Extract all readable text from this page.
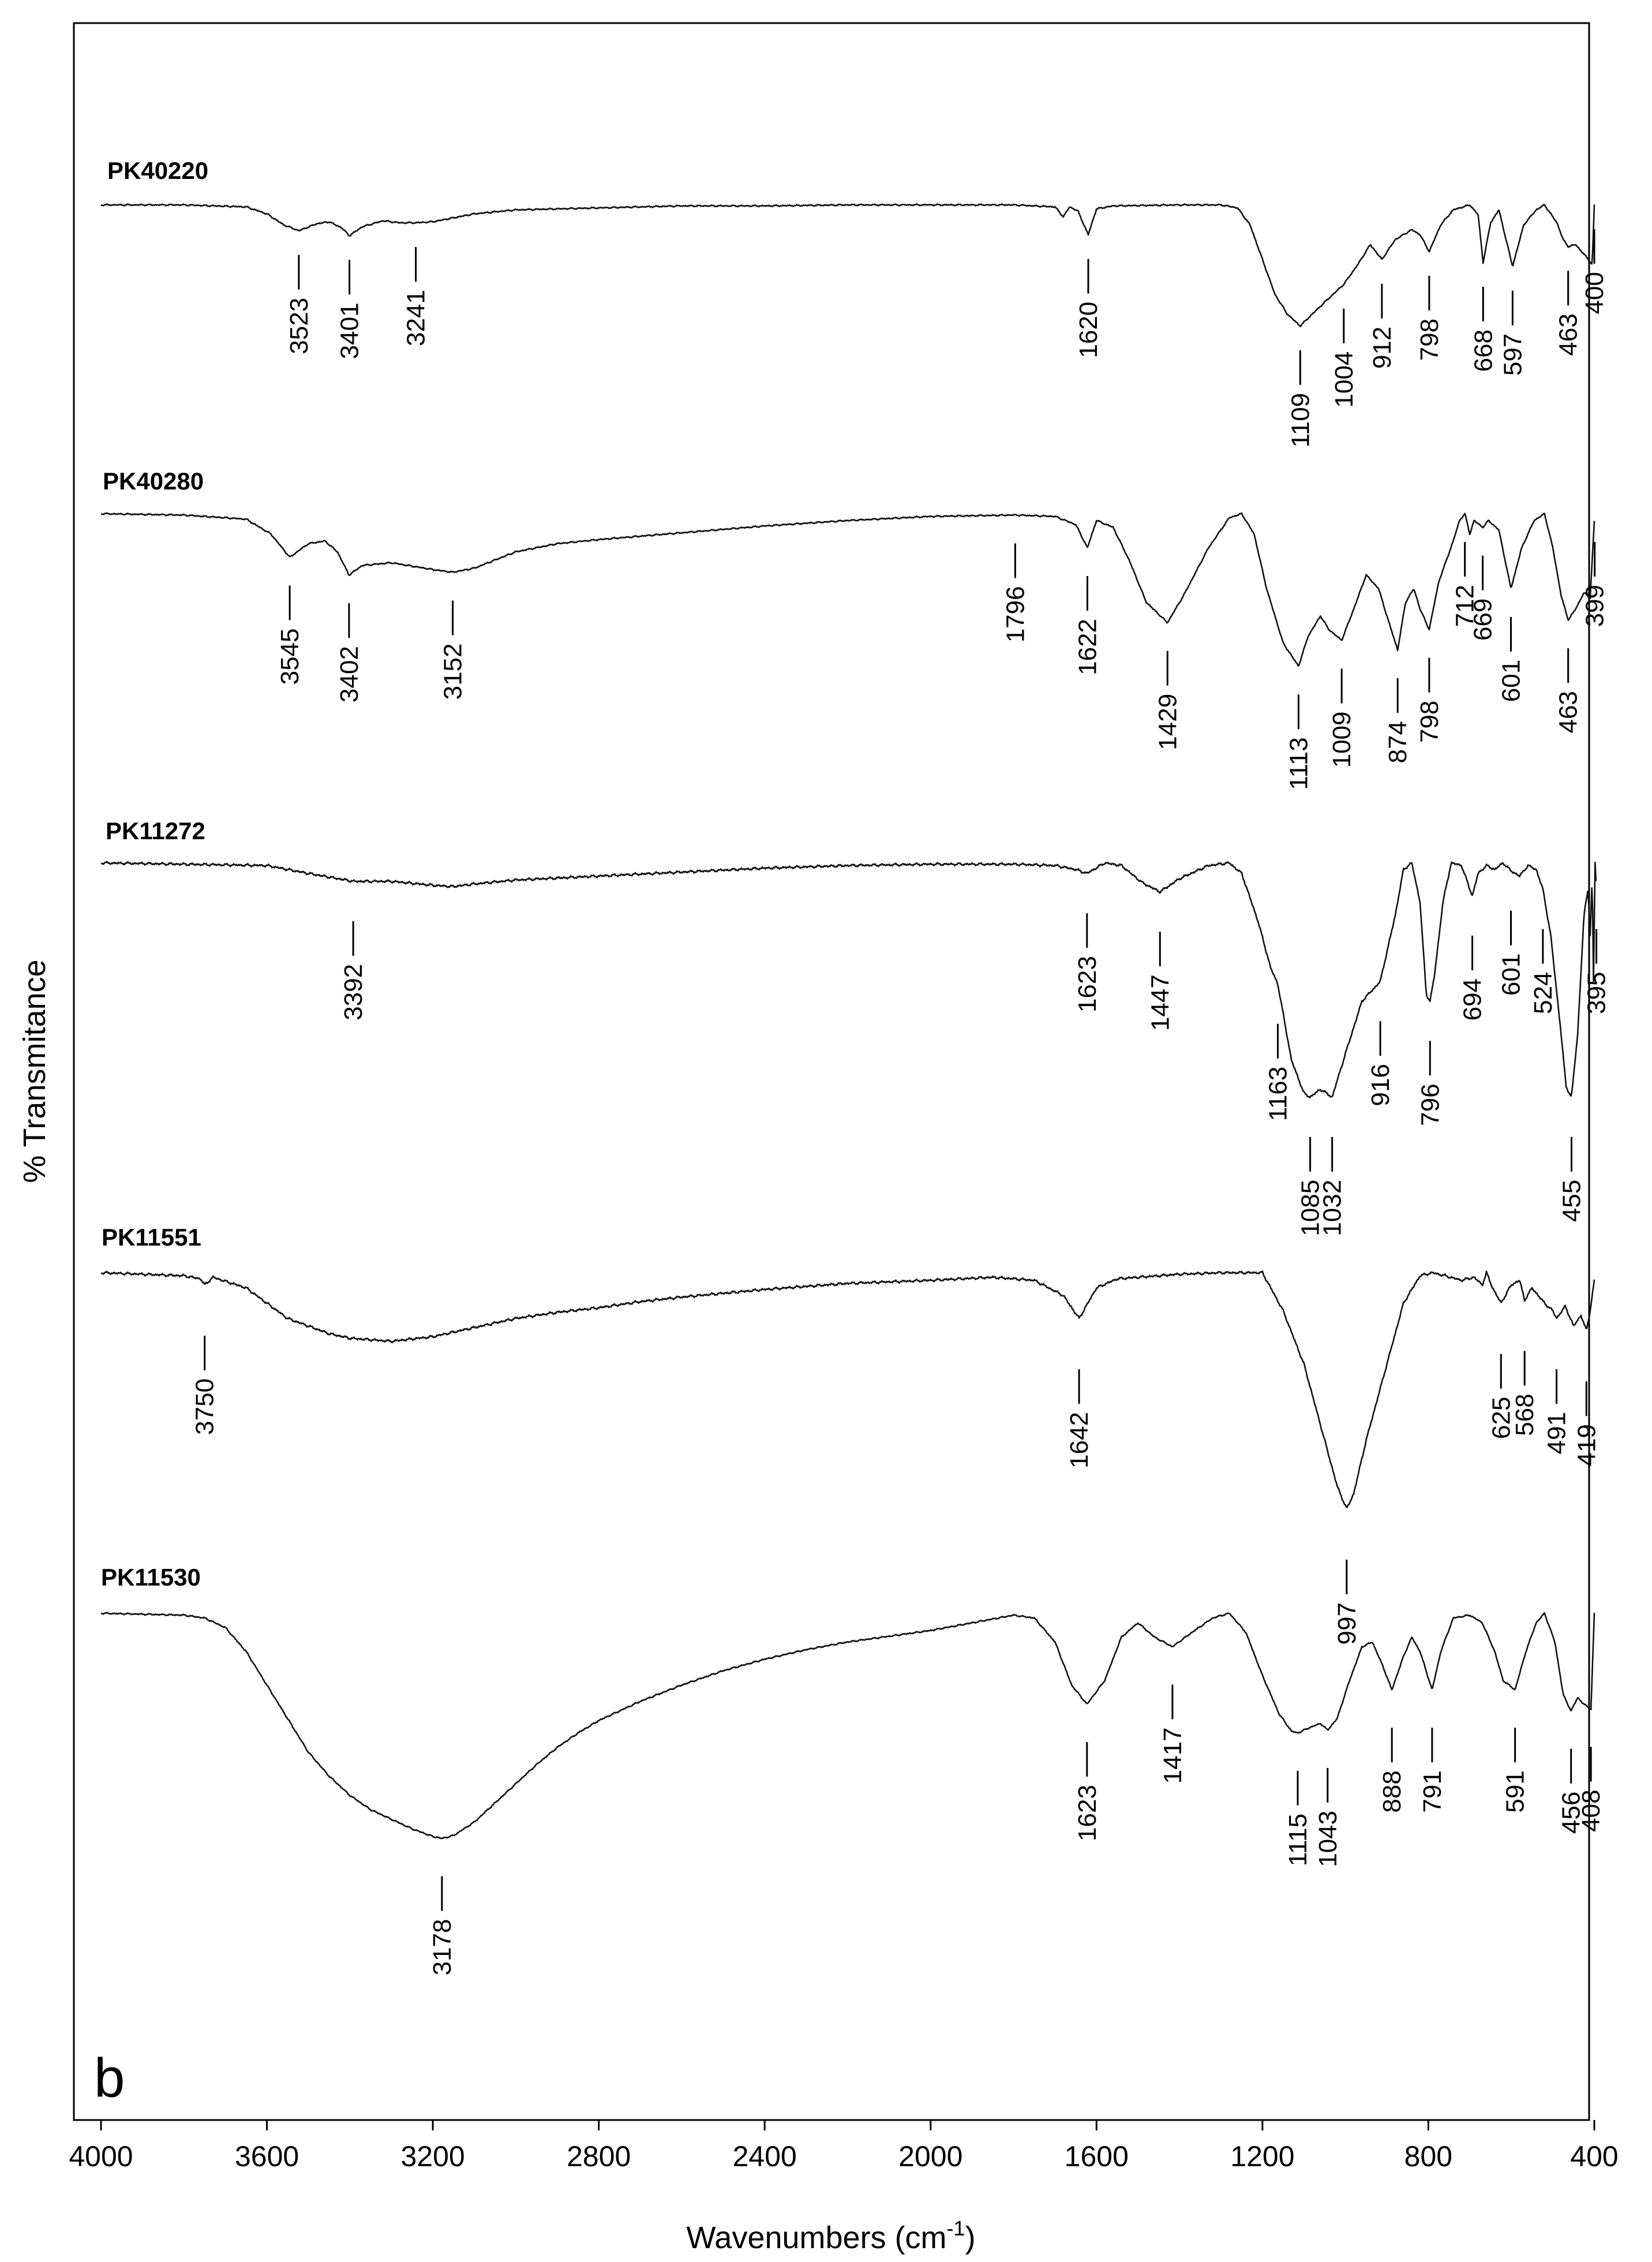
PK40220
PK40280
PK11272
PK11551
PK11530
3523 3401 3241	1620
1109
1004
912 798 668 597 463
400
3545 3402	3152
1796
1622
1429
1113 1009 874 798
712
669
601
463
399
3392	1623 1447
1163
1085
1032
916 796
694
601 524
455
395
3750
1642
997
625
568 491 419
3178
1623
1417
1115 1043
888 791 591 456
408
4000	3600	3200	2800	2400	2000	1600	1200	800	400
b
% Transmitance
Wavenumbers $(cm^{-1})$
